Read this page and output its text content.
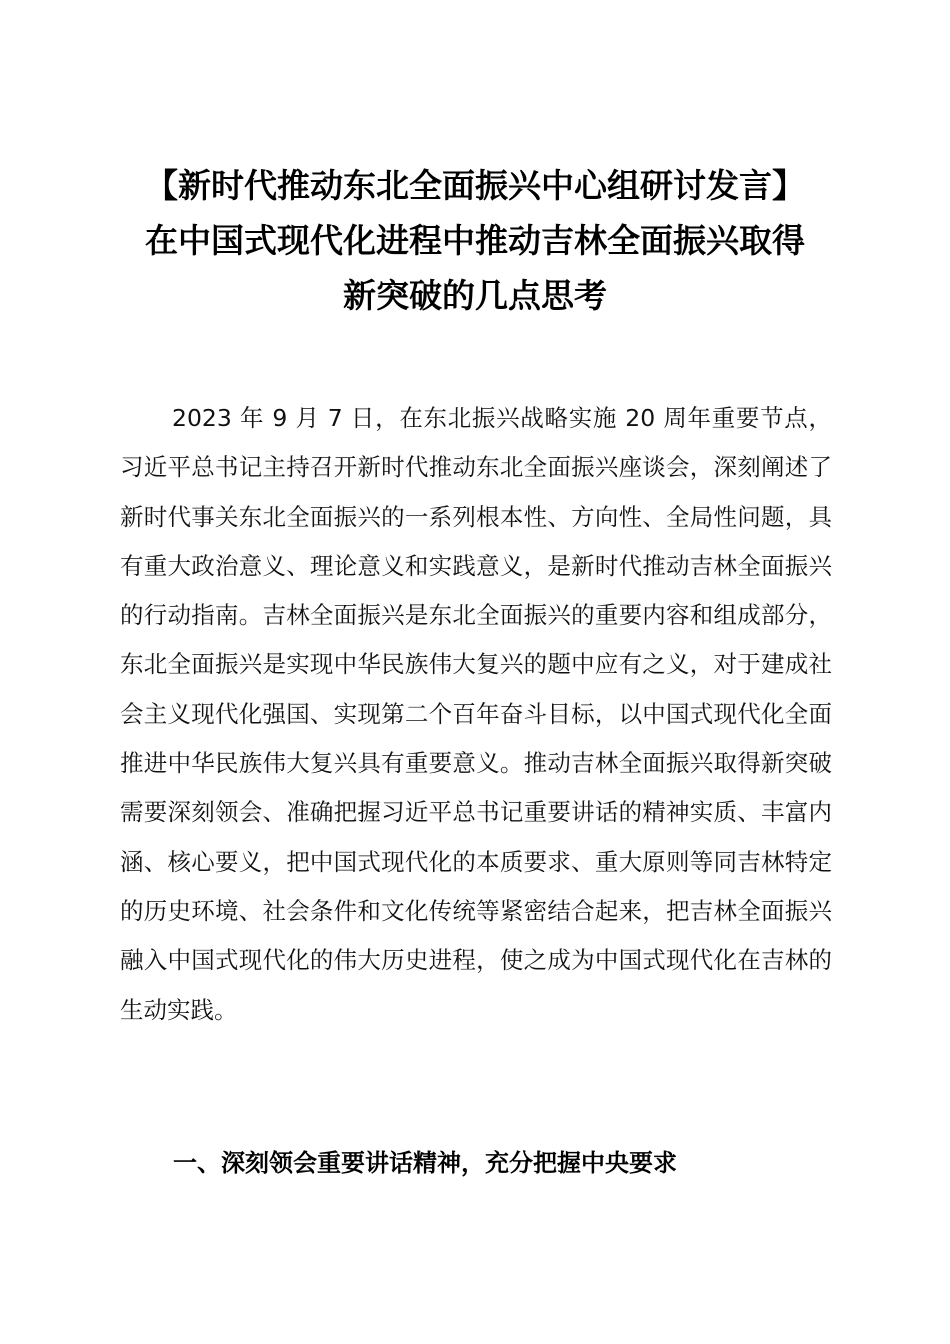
【新时代推动东北全面振兴中心组研讨发言】
在中国式现代化进程中推动吉林全面振兴取得
新突破的几点思考

2023 年 9 月 7 日，在东北振兴战略实施 20 周年重要节点，习近平总书记主持召开新时代推动东北全面振兴座谈会，深刻阐述了新时代事关东北全面振兴的一系列根本性、方向性、全局性问题，具有重大政治意义、理论意义和实践意义，是新时代推动吉林全面振兴的行动指南。吉林全面振兴是东北全面振兴的重要内容和组成部分，东北全面振兴是实现中华民族伟大复兴的题中应有之义，对于建成社会主义现代化强国、实现第二个百年奋斗目标，以中国式现代化全面推进中华民族伟大复兴具有重要意义。推动吉林全面振兴取得新突破需要深刻领会、准确把握习近平总书记重要讲话的精神实质、丰富内涵、核心要义，把中国式现代化的本质要求、重大原则等同吉林特定的历史环境、社会条件和文化传统等紧密结合起来，把吉林全面振兴融入中国式现代化的伟大历史进程，使之成为中国式现代化在吉林的生动实践。

一、深刻领会重要讲话精神，充分把握中央要求
